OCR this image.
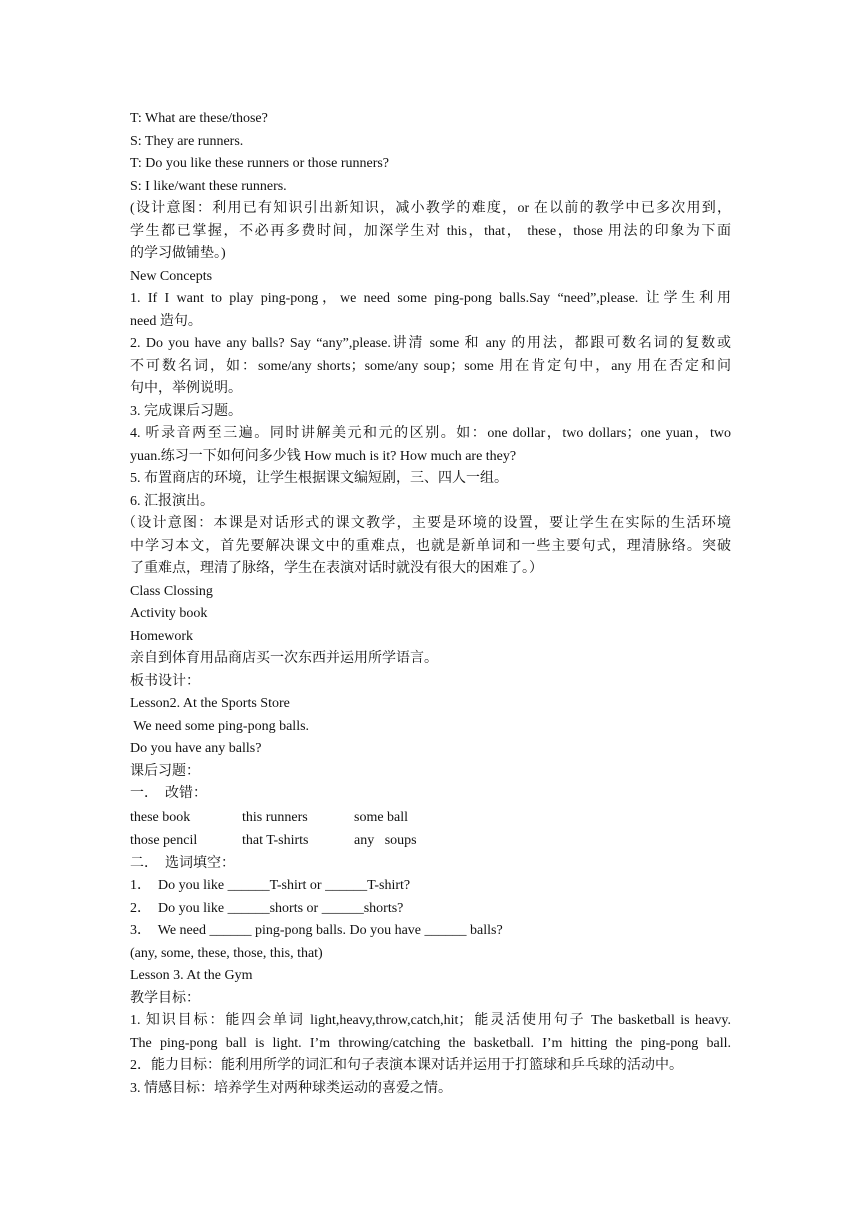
T: What are these/those?
S: They are runners.
T: Do you like these runners or those runners?
S: I like/want these runners.
(设计意图：利用已有知识引出新知识，减小教学的难度，or 在以前的教学中已多次用到，
学生都已掌握，不必再多费时间，加深学生对 this，that， these，those 用法的印象为下面
的学习做铺垫。)
New Concepts
1. If I want to play ping-pong，we need some ping-pong balls.Say “need”,please. 让学生利用
need 造句。
2. Do you have any balls? Say “any”,please.讲清 some 和 any 的用法，都跟可数名词的复数或
不可数名词，如：some/any shorts；some/any soup；some 用在肯定句中，any 用在否定和问
句中，举例说明。
3. 完成课后习题。
4. 听录音两至三遍。同时讲解美元和元的区别。如：one dollar，two dollars；one yuan，two
yuan.练习一下如何问多少钱 How much is it? How much are they?
5. 布置商店的环境，让学生根据课文编短剧，三、四人一组。
6. 汇报演出。
（设计意图：本课是对话形式的课文教学，主要是环境的设置，要让学生在实际的生活环境
中学习本文，首先要解决课文中的重难点，也就是新单词和一些主要句式，理清脉络。突破
了重难点，理清了脉络，学生在表演对话时就没有很大的困难了。）
Class Clossing
Activity book
Homework
亲自到体育用品商店买一次东西并运用所学语言。
板书设计：
Lesson2. At the Sports Store
We need some ping-pong balls.
Do you have any balls?
课后习题：
一．  改错：
these book	this runners	some ball
those pencil	that T-shirts	any   soups
二．  选词填空：
1．  Do you like ______T-shirt or ______T-shirt?
2．  Do you like ______shorts or ______shorts?
3．  We need ______ ping-pong balls. Do you have ______ balls?
(any, some, these, those, this, that)
Lesson 3. At the Gym
教学目标：
1. 知识目标：能四会单词 light,heavy,throw,catch,hit；能灵活使用句子 The basketball is heavy.
The ping-pong ball is light. I’m throwing/catching the basketball. I’m hitting the ping-pong ball.
2．能力目标：能利用所学的词汇和句子表演本课对话并运用于打篮球和乒乓球的活动中。
3. 情感目标：培养学生对两种球类运动的喜爱之情。
